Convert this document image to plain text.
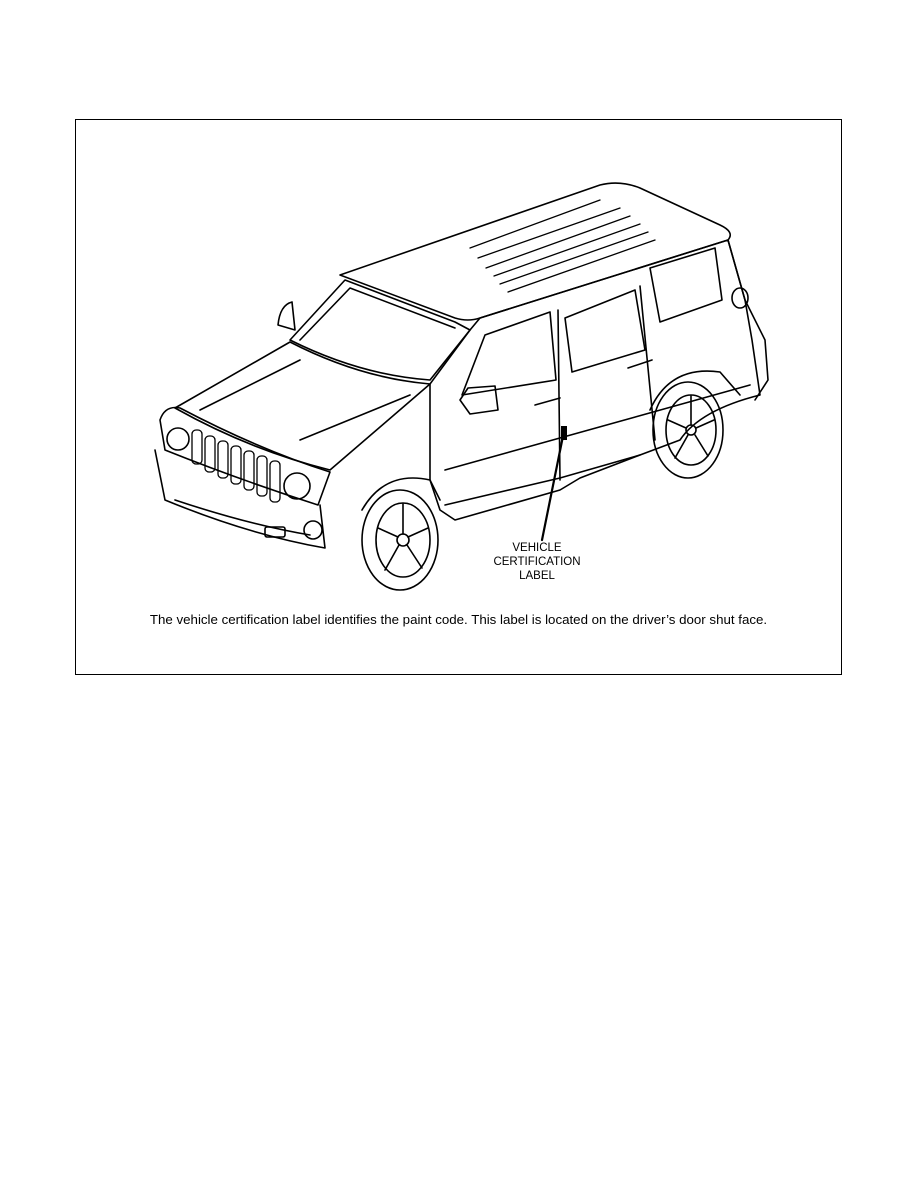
VEHICLE
CERTIFICATION
LABEL
The vehicle certification label identifies the paint code. This label is located on the driver’s door shut face.
